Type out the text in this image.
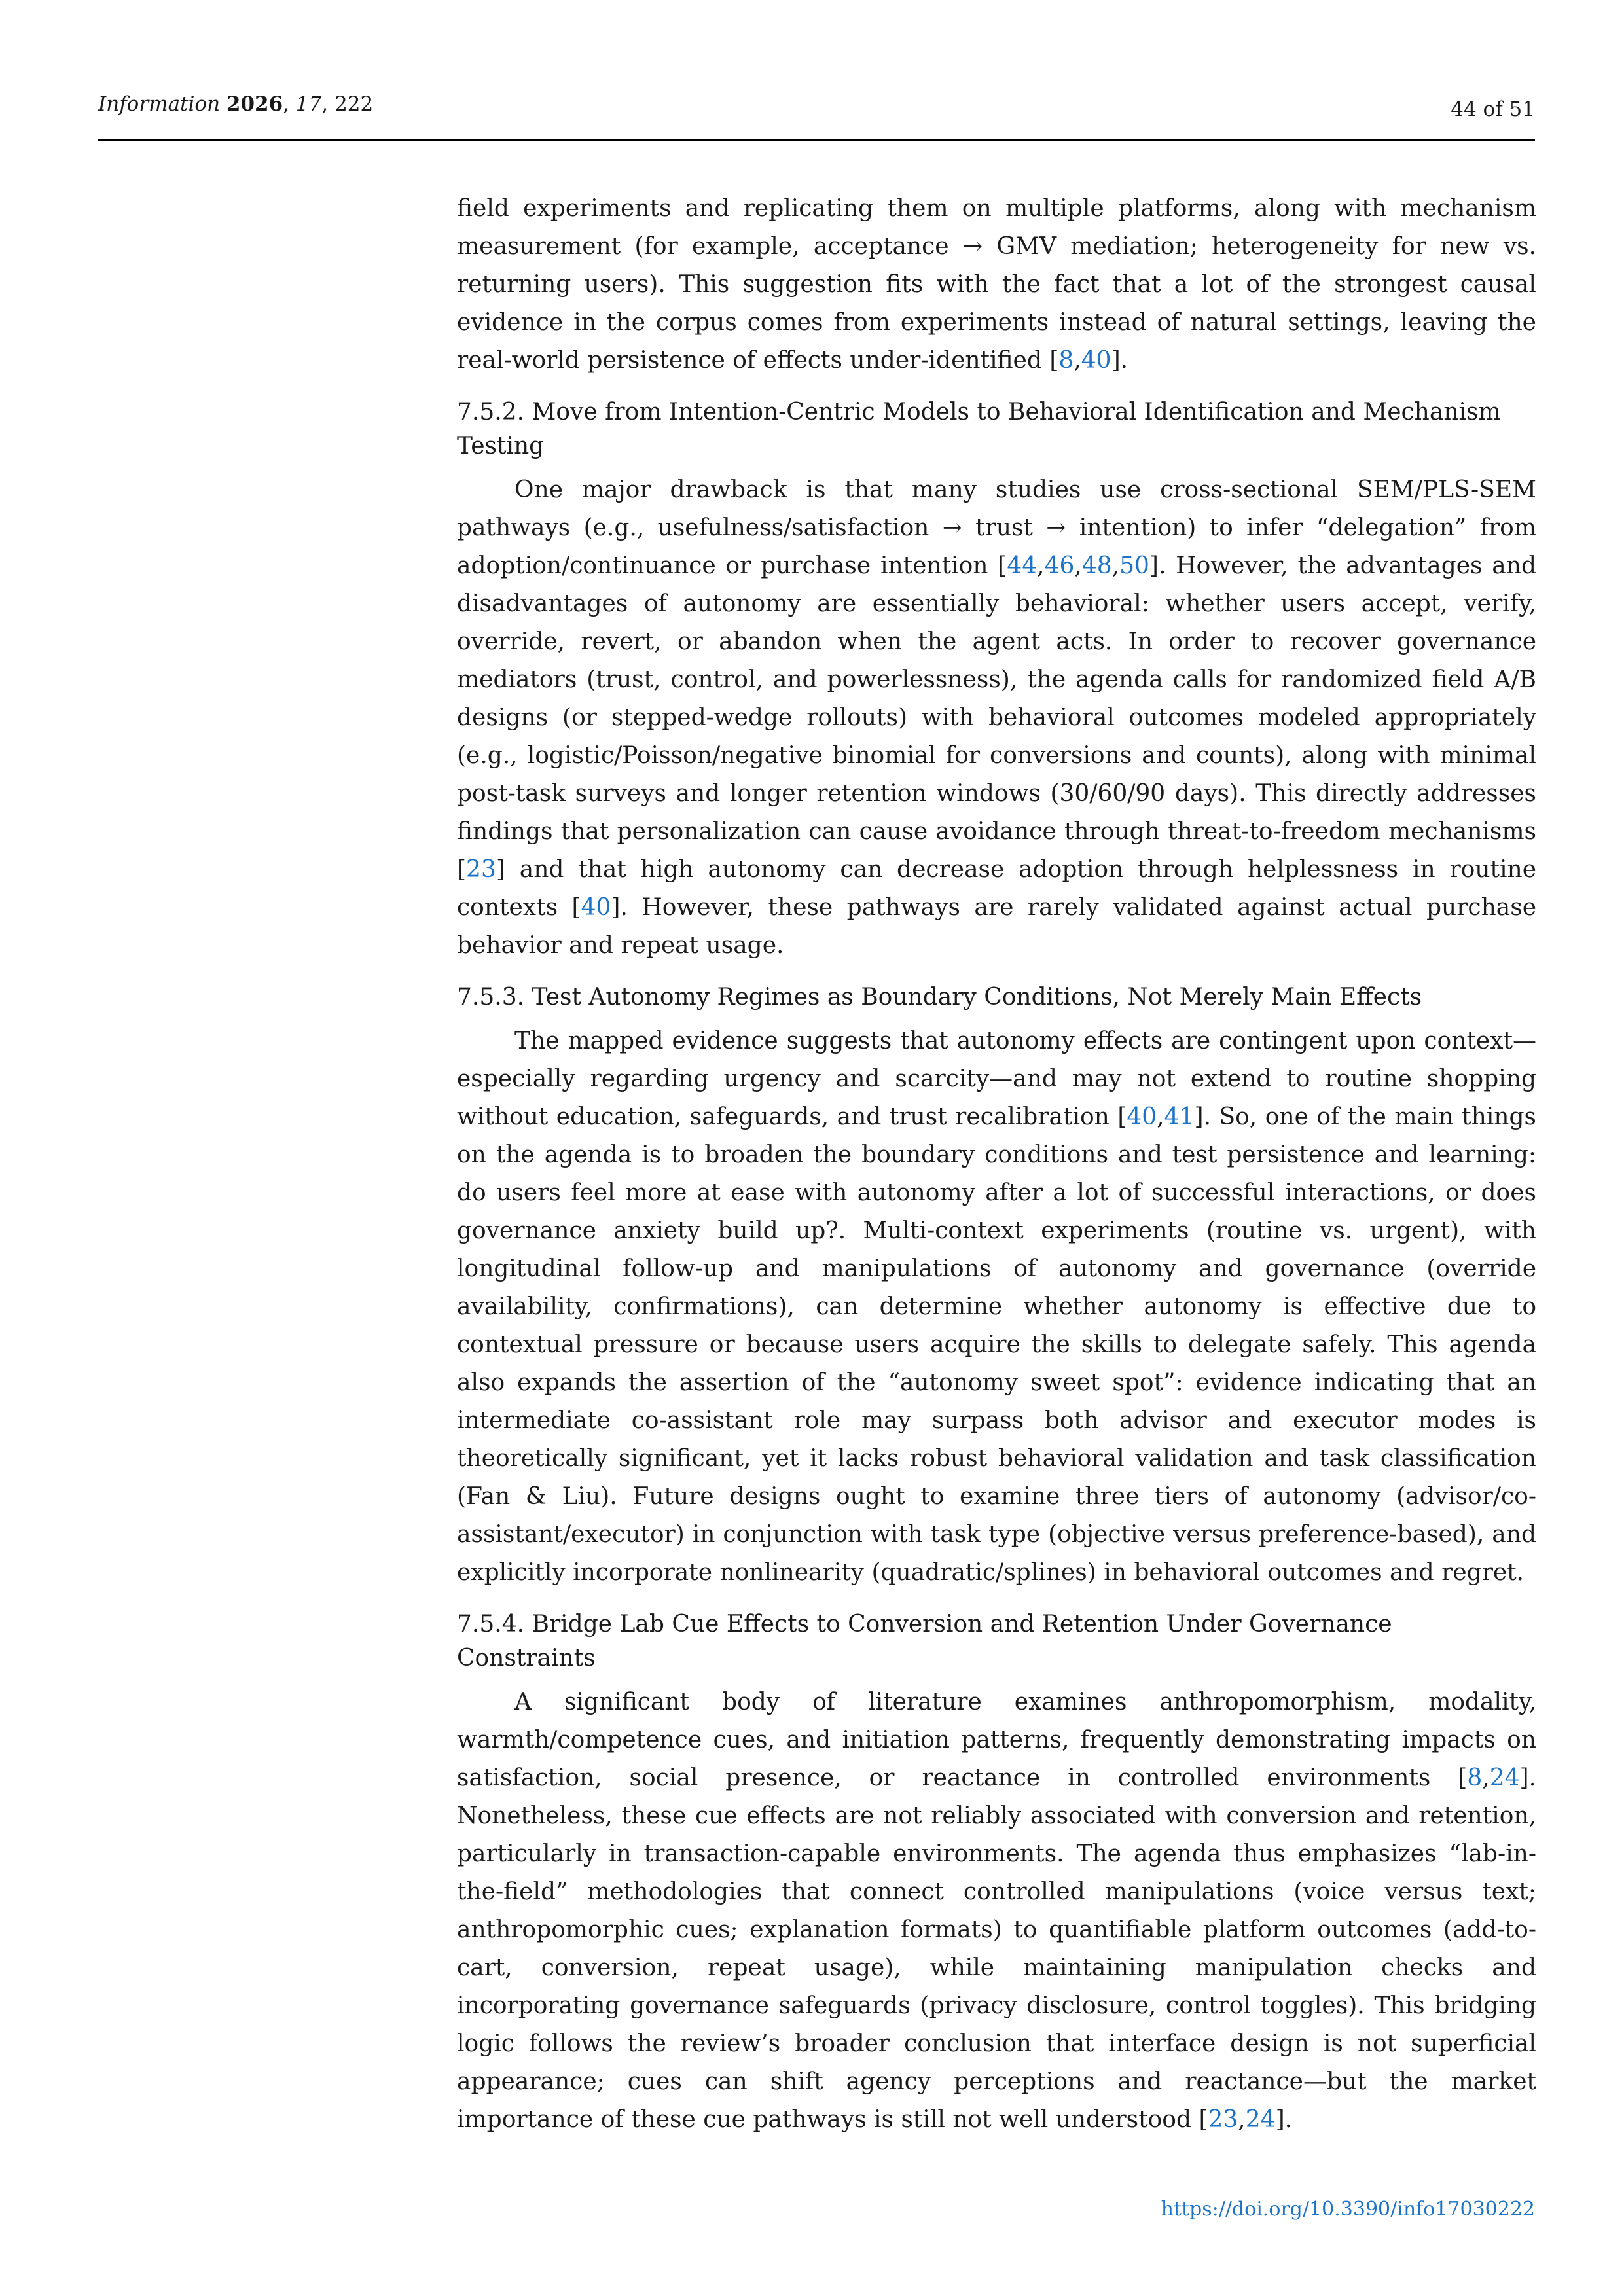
Information 2026, 17, 222	44 of 51

field experiments and replicating them on multiple platforms, along with mechanism measurement (for example, acceptance → GMV mediation; heterogeneity for new vs. returning users). This suggestion fits with the fact that a lot of the strongest causal evidence in the corpus comes from experiments instead of natural settings, leaving the real-world persistence of effects under-identified [8,40].

7.5.2. Move from Intention-Centric Models to Behavioral Identification and Mechanism Testing

One major drawback is that many studies use cross-sectional SEM/PLS-SEM pathways (e.g., usefulness/satisfaction → trust → intention) to infer “delegation” from adoption/continuance or purchase intention [44,46,48,50]. However, the advantages and disadvantages of autonomy are essentially behavioral: whether users accept, verify, override, revert, or abandon when the agent acts. In order to recover governance mediators (trust, control, and powerlessness), the agenda calls for randomized field A/B designs (or stepped-wedge rollouts) with behavioral outcomes modeled appropriately (e.g., logistic/Poisson/negative binomial for conversions and counts), along with minimal post-task surveys and longer retention windows (30/60/90 days). This directly addresses findings that personalization can cause avoidance through threat-to-freedom mechanisms [23] and that high autonomy can decrease adoption through helplessness in routine contexts [40]. However, these pathways are rarely validated against actual purchase behavior and repeat usage.

7.5.3. Test Autonomy Regimes as Boundary Conditions, Not Merely Main Effects

The mapped evidence suggests that autonomy effects are contingent upon context—especially regarding urgency and scarcity—and may not extend to routine shopping without education, safeguards, and trust recalibration [40,41]. So, one of the main things on the agenda is to broaden the boundary conditions and test persistence and learning: do users feel more at ease with autonomy after a lot of successful interactions, or does governance anxiety build up?. Multi-context experiments (routine vs. urgent), with longitudinal follow-up and manipulations of autonomy and governance (override availability, confirmations), can determine whether autonomy is effective due to contextual pressure or because users acquire the skills to delegate safely. This agenda also expands the assertion of the “autonomy sweet spot”: evidence indicating that an intermediate co-assistant role may surpass both advisor and executor modes is theoretically significant, yet it lacks robust behavioral validation and task classification (Fan & Liu). Future designs ought to examine three tiers of autonomy (advisor/co-assistant/executor) in conjunction with task type (objective versus preference-based), and explicitly incorporate nonlinearity (quadratic/splines) in behavioral outcomes and regret.

7.5.4. Bridge Lab Cue Effects to Conversion and Retention Under Governance Constraints

A significant body of literature examines anthropomorphism, modality, warmth/competence cues, and initiation patterns, frequently demonstrating impacts on satisfaction, social presence, or reactance in controlled environments [8,24]. Nonetheless, these cue effects are not reliably associated with conversion and retention, particularly in transaction-capable environments. The agenda thus emphasizes “lab-in-the-field” methodologies that connect controlled manipulations (voice versus text; anthropomorphic cues; explanation formats) to quantifiable platform outcomes (add-to-cart, conversion, repeat usage), while maintaining manipulation checks and incorporating governance safeguards (privacy disclosure, control toggles). This bridging logic follows the review’s broader conclusion that interface design is not superficial appearance; cues can shift agency perceptions and reactance—but the market importance of these cue pathways is still not well understood [23,24].

https://doi.org/10.3390/info17030222
